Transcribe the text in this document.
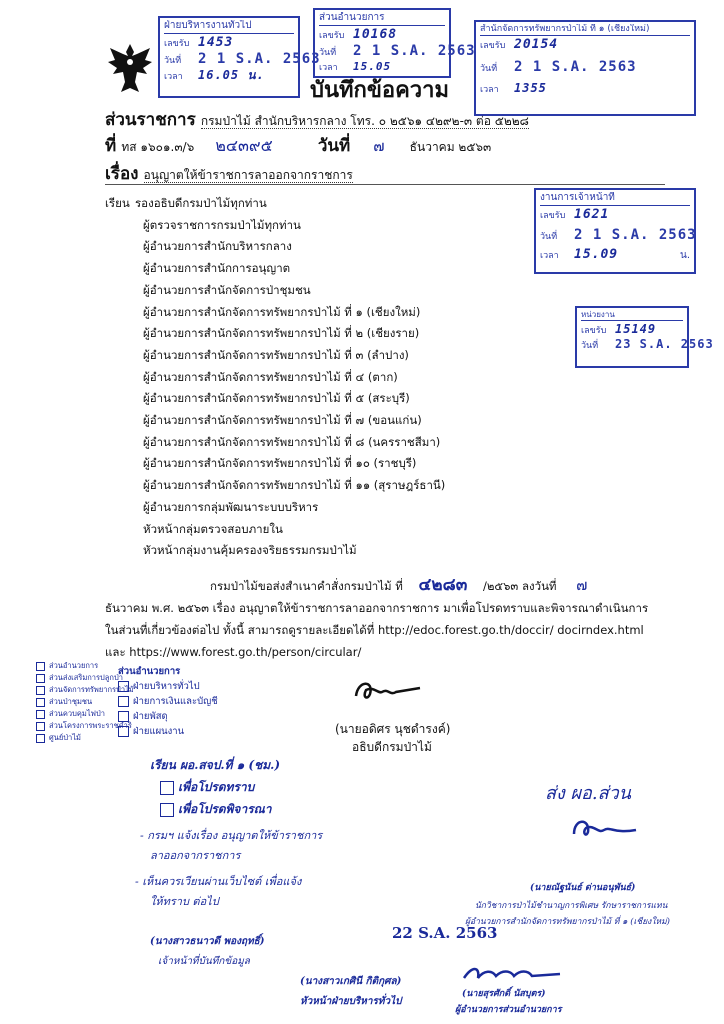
ฝ่ายบริหารงานทั่วไป
เลขรับ 1453
วันที่	2 1 S.A. 2563
เวลา	16.05 น.
ส่วนอำนวยการ
เลขรับ 10168
วันที่	2 1 S.A. 2563
เวลา	15.05
สำนักจัดการทรัพยากรป่าไม้ ที่ ๑ (เชียงใหม่)
เลขรับ 20154
วันที่	2 1 S.A. 2563
เวลา	1355
บันทึกข้อความ
ส่วนราชการ กรมป่าไม้ สำนักบริหารกลาง โทร. ๐ ๒๕๖๑ ๔๒๙๒-๓ ต่อ ๕๒๒๘
ที่ ทส ๑๖๐๑.๓/๖ ๒๔๓๙๕	วันที่ ๗ ธันวาคม ๒๕๖๓
เรื่อง อนุญาตให้ข้าราชการลาออกจากราชการ
งานการเจ้าหน้าที่
เลขรับ 1621
วันที่	2 1 S.A. 2563
เวลา	15.09	น.
หน่วยงาน
เลขรับ 15149
วันที่	23 S.A. 2563
เรียน รองอธิบดีกรมป่าไม้ทุกท่าน
ผู้ตรวจราชการกรมป่าไม้ทุกท่าน
ผู้อำนวยการสำนักบริหารกลาง
ผู้อำนวยการสำนักการอนุญาต
ผู้อำนวยการสำนักจัดการป่าชุมชน
ผู้อำนวยการสำนักจัดการทรัพยากรป่าไม้ ที่ ๑ (เชียงใหม่)
ผู้อำนวยการสำนักจัดการทรัพยากรป่าไม้ ที่ ๒ (เชียงราย)
ผู้อำนวยการสำนักจัดการทรัพยากรป่าไม้ ที่ ๓ (ลำปาง)
ผู้อำนวยการสำนักจัดการทรัพยากรป่าไม้ ที่ ๔ (ตาก)
ผู้อำนวยการสำนักจัดการทรัพยากรป่าไม้ ที่ ๕ (สระบุรี)
ผู้อำนวยการสำนักจัดการทรัพยากรป่าไม้ ที่ ๗ (ขอนแก่น)
ผู้อำนวยการสำนักจัดการทรัพยากรป่าไม้ ที่ ๘ (นครราชสีมา)
ผู้อำนวยการสำนักจัดการทรัพยากรป่าไม้ ที่ ๑๐ (ราชบุรี)
ผู้อำนวยการสำนักจัดการทรัพยากรป่าไม้ ที่ ๑๑ (สุราษฎร์ธานี)
ผู้อำนวยการกลุ่มพัฒนาระบบบริหาร
หัวหน้ากลุ่มตรวจสอบภายใน
หัวหน้ากลุ่มงานคุ้มครองจริยธรรมกรมป่าไม้
กรมป่าไม้ขอส่งสำเนาคำสั่งกรมป่าไม้ ที่ ๔๒๘๓ /๒๕๖๓ ลงวันที่ ๗
ธันวาคม พ.ศ. ๒๕๖๓ เรื่อง อนุญาตให้ข้าราชการลาออกจากราชการ มาเพื่อโปรดทราบและพิจารณาดำเนินการ
ในส่วนที่เกี่ยวข้องต่อไป ทั้งนี้ สามารถดูรายละเอียดได้ที่ http://edoc.forest.go.th/doccir/ docirndex.html
และ https://www.forest.go.th/person/circular/
ส่วนอำนวยการ
ส่วนส่งเสริมการปลูกป่า
ส่วนจัดการทรัพยากรป่าไม้
ส่วนป่าชุมชน
ส่วนควบคุมไฟป่า
ส่วนโครงการพระราชดำริ
ศูนย์ป่าไม้
ส่วนอำนวยการ
ฝ่ายบริหารทั่วไป
ฝ่ายการเงินและบัญชี
ฝ่ายพัสดุ
ฝ่ายแผนงาน	(นายอดิศร นุชดำรงค์)
อธิบดีกรมป่าไม้
เรียน ผอ.สจป.ที่ ๑ (ชม.)
เพื่อโปรดทราบ
เพื่อโปรดพิจารณา
- กรมฯ แจ้งเรื่อง อนุญาตให้ข้าราชการ
ลาออกจากราชการ
- เห็นควรเวียนผ่านเว็บไซต์ เพื่อแจ้ง
ให้ทราบ ต่อไป
(นางสาวธนาวดี พองฤทธิ์)
เจ้าหน้าที่บันทึกข้อมูล
22 S.A. 2563
(นางสาวเกศินี กิติกุศล)
หัวหน้าฝ่ายบริหารทั่วไป
ส่ง ผอ.ส่วน
(นายณัฐนันธ์ ด่านอนุพันธ์)
นักวิชาการป่าไม้ชำนาญการพิเศษ รักษาราชการแทน
ผู้อำนวยการสำนักจัดการทรัพยากรป่าไม้ ที่ ๑ (เชียงใหม่)
(นายสุรศักดิ์ นัสบุตร)
ผู้อำนวยการส่วนอำนวยการ
